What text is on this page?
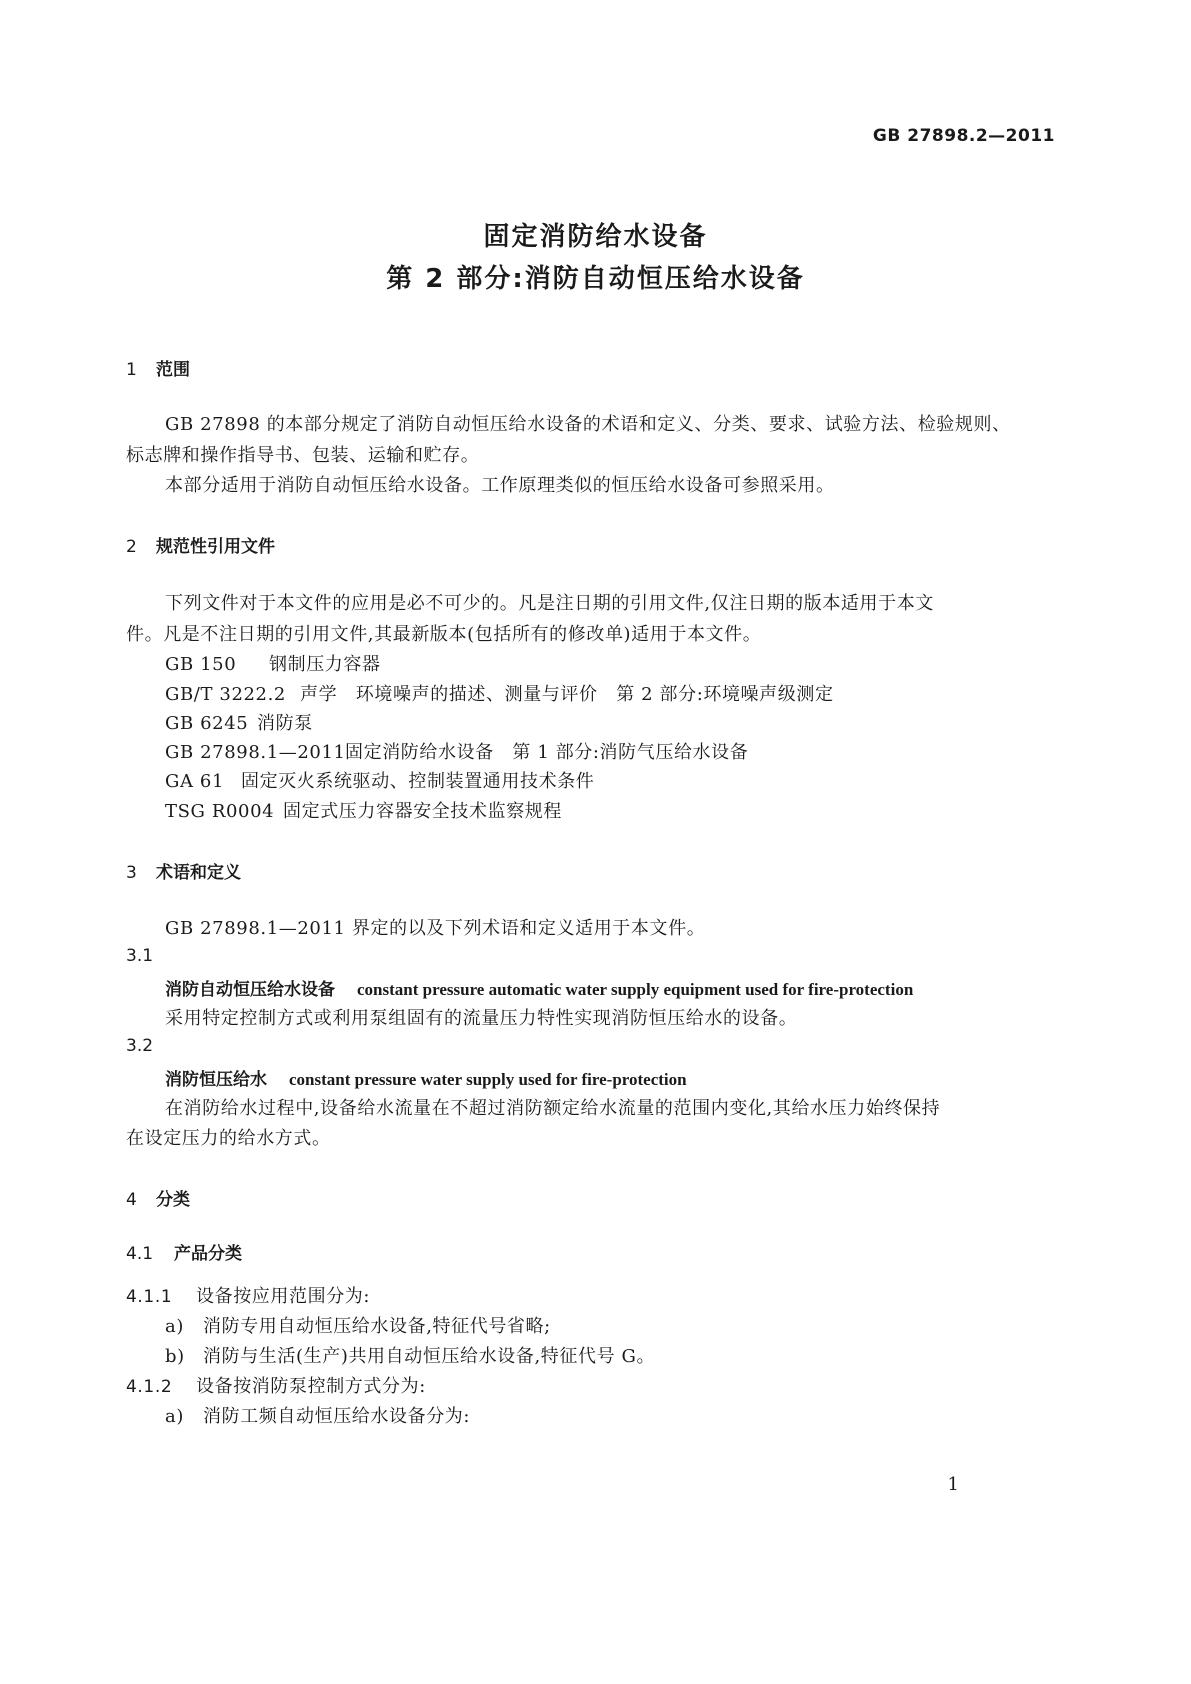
GB 27898.2—2011
固定消防给水设备
第 2 部分:消防自动恒压给水设备
1 范围
GB 27898 的本部分规定了消防自动恒压给水设备的术语和定义、分类、要求、试验方法、检验规则、
标志牌和操作指导书、包装、运输和贮存。
本部分适用于消防自动恒压给水设备。工作原理类似的恒压给水设备可参照采用。
2 规范性引用文件
下列文件对于本文件的应用是必不可少的。凡是注日期的引用文件,仅注日期的版本适用于本文
件。凡是不注日期的引用文件,其最新版本(包括所有的修改单)适用于本文件。
GB 150 钢制压力容器
GB/T 3222.2 声学　环境噪声的描述、测量与评价　第 2 部分:环境噪声级测定
GB 6245 消防泵
GB 27898.1—2011固定消防给水设备　第 1 部分:消防气压给水设备
GA 61 固定灭火系统驱动、控制装置通用技术条件
TSG R0004 固定式压力容器安全技术监察规程
3 术语和定义
GB 27898.1—2011 界定的以及下列术语和定义适用于本文件。
3.1
消防自动恒压给水设备 constant pressure automatic water supply equipment used for fire-protection
采用特定控制方式或利用泵组固有的流量压力特性实现消防恒压给水的设备。
3.2
消防恒压给水 constant pressure water supply used for fire-protection
在消防给水过程中,设备给水流量在不超过消防额定给水流量的范围内变化,其给水压力始终保持
在设定压力的给水方式。
4 分类
4.1 产品分类
4.1.1 设备按应用范围分为:
a) 消防专用自动恒压给水设备,特征代号省略;
b) 消防与生活(生产)共用自动恒压给水设备,特征代号 G。
4.1.2 设备按消防泵控制方式分为:
a) 消防工频自动恒压给水设备分为:
1
